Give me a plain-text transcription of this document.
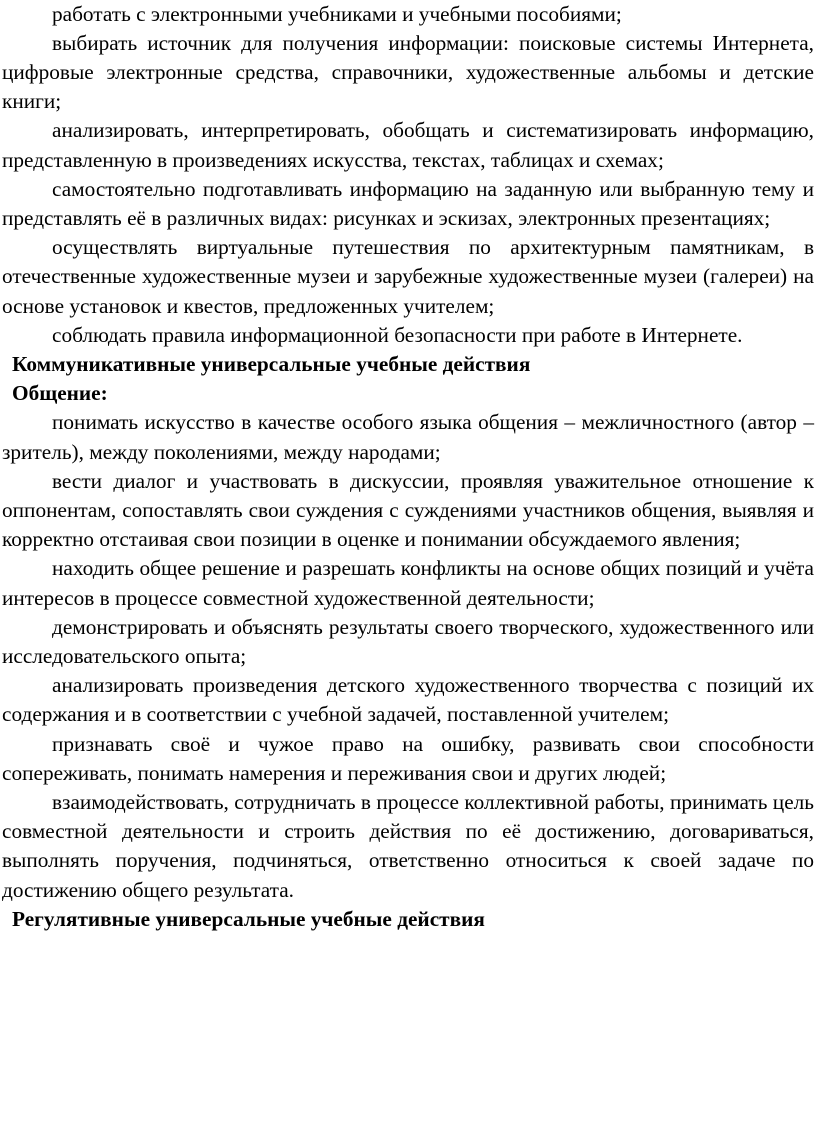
работать с электронными учебниками и учебными пособиями;

выбирать источник для получения информации: поисковые системы Интернета, цифровые электронные средства, справочники, художественные альбомы и детские книги;

анализировать, интерпретировать, обобщать и систематизировать информацию, представленную в произведениях искусства, текстах, таблицах и схемах;

самостоятельно подготавливать информацию на заданную или выбранную тему и представлять её в различных видах: рисунках и эскизах, электронных презентациях;

осуществлять виртуальные путешествия по архитектурным памятникам, в отечественные художественные музеи и зарубежные художественные музеи (галереи) на основе установок и квестов, предложенных учителем;

соблюдать правила информационной безопасности при работе в Интернете.

Коммуникативные универсальные учебные действия

Общение:

понимать искусство в качестве особого языка общения – межличностного (автор – зритель), между поколениями, между народами;

вести диалог и участвовать в дискуссии, проявляя уважительное отношение к оппонентам, сопоставлять свои суждения с суждениями участников общения, выявляя и корректно отстаивая свои позиции в оценке и понимании обсуждаемого явления;

находить общее решение и разрешать конфликты на основе общих позиций и учёта интересов в процессе совместной художественной деятельности;

демонстрировать и объяснять результаты своего творческого, художественного или исследовательского опыта;

анализировать произведения детского художественного творчества с позиций их содержания и в соответствии с учебной задачей, поставленной учителем;

признавать своё и чужое право на ошибку, развивать свои способности сопереживать, понимать намерения и переживания свои и других людей;

взаимодействовать, сотрудничать в процессе коллективной работы, принимать цель совместной деятельности и строить действия по её достижению, договариваться, выполнять поручения, подчиняться, ответственно относиться к своей задаче по достижению общего результата.

Регулятивные универсальные учебные действия
